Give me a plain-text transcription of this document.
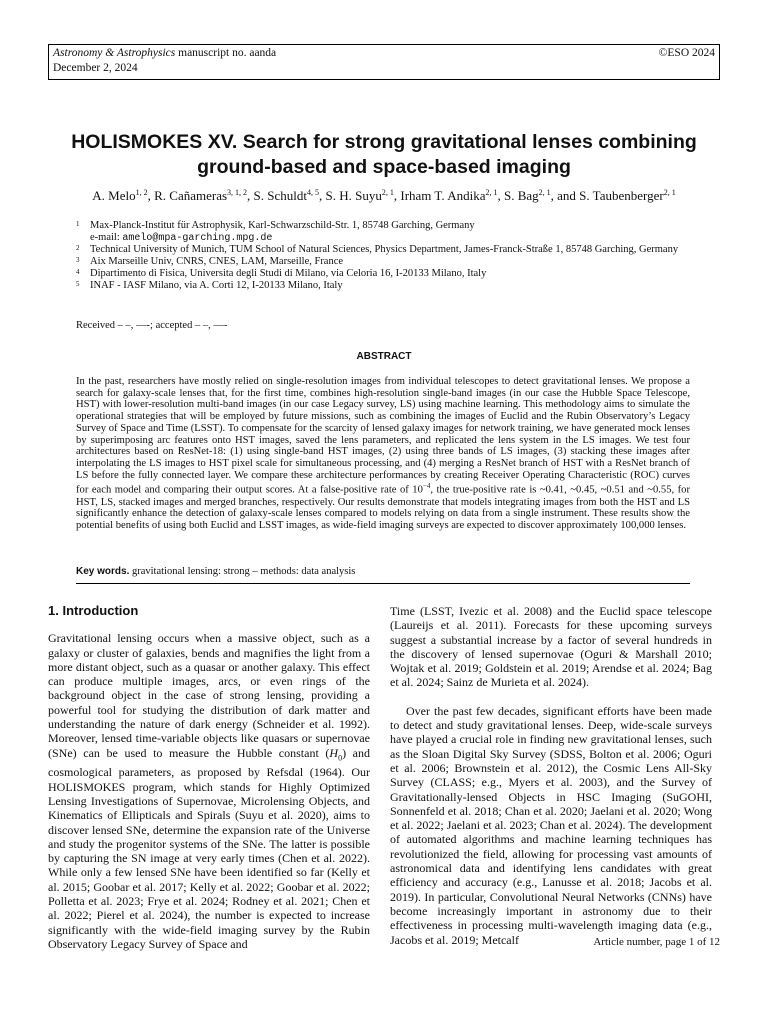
Astronomy & Astrophysics manuscript no. aanda	©ESO 2024
December 2, 2024
HOLISMOKES XV. Search for strong gravitational lenses combining ground-based and space-based imaging
A. Melo$^{1, 2}$, R. Cañameras$^{3, 1, 2}$, S. Schuldt$^{4, 5}$, S. H. Suyu$^{2, 1}$, Irham T. Andika$^{2, 1}$, S. Bag$^{2, 1}$, and S. Taubenberger$^{2, 1}$
1	Max-Planck-Institut für Astrophysik, Karl-Schwarzschild-Str. 1, 85748 Garching, Germany
e-mail: amelo@mpa-garching.mpg.de
2	Technical University of Munich, TUM School of Natural Sciences, Physics Department, James-Franck-Straße 1, 85748 Garching, Germany
3	Aix Marseille Univ, CNRS, CNES, LAM, Marseille, France
4	Dipartimento di Fisica, Universita degli Studi di Milano, via Celoria 16, I-20133 Milano, Italy
5	INAF - IASF Milano, via A. Corti 12, I-20133 Milano, Italy
Received – –, —-; accepted – –, —-
ABSTRACT

In the past, researchers have mostly relied on single-resolution images from individual telescopes to detect gravitational lenses. We propose a search for galaxy-scale lenses that, for the first time, combines high-resolution single-band images (in our case the Hubble Space Telescope, HST) with lower-resolution multi-band images (in our case Legacy survey, LS) using machine learning. This methodology aims to simulate the operational strategies that will be employed by future missions, such as combining the images of Euclid and the Rubin Observatory’s Legacy Survey of Space and Time (LSST). To compensate for the scarcity of lensed galaxy images for network training, we have generated mock lenses by superimposing arc features onto HST images, saved the lens parameters, and replicated the lens system in the LS images. We test four architectures based on ResNet-18: (1) using single-band HST images, (2) using three bands of LS images, (3) stacking these images after interpolating the LS images to HST pixel scale for simultaneous processing, and (4) merging a ResNet branch of HST with a ResNet branch of LS before the fully connected layer. We compare these architecture performances by creating Receiver Operating Characteristic (ROC) curves for each model and comparing their output scores. At a false-positive rate of $10^{-4}$, the true-positive rate is ~0.41, ~0.45, ~0.51 and ~0.55, for HST, LS, stacked images and merged branches, respectively. Our results demonstrate that models integrating images from both the HST and LS significantly enhance the detection of galaxy-scale lenses compared to models relying on data from a single instrument. These results show the potential benefits of using both Euclid and LSST images, as wide-field imaging surveys are expected to discover approximately 100,000 lenses.

Key words. gravitational lensing: strong – methods: data analysis
1. Introduction

Gravitational lensing occurs when a massive object, such as a galaxy or cluster of galaxies, bends and magnifies the light from a more distant object, such as a quasar or another galaxy. This effect can produce multiple images, arcs, or even rings of the background object in the case of strong lensing, providing a powerful tool for studying the distribution of dark matter and understanding the nature of dark energy (Schneider et al. 1992). Moreover, lensed time-variable objects like quasars or supernovae (SNe) can be used to measure the Hubble constant $(H_0)$ and cosmological parameters, as proposed by Refsdal (1964). Our HOLISMOKES program, which stands for Highly Optimized Lensing Investigations of Supernovae, Microlensing Objects, and Kinematics of Ellipticals and Spirals (Suyu et al. 2020), aims to discover lensed SNe, determine the expansion rate of the Universe and study the progenitor systems of the SNe. The latter is possible by capturing the SN image at very early times (Chen et al. 2022). While only a few lensed SNe have been identified so far (Kelly et al. 2015; Goobar et al. 2017; Kelly et al. 2022; Goobar et al. 2022; Polletta et al. 2023; Frye et al. 2024; Rodney et al. 2021; Chen et al. 2022; Pierel et al. 2024), the number is expected to increase significantly with the wide-field imaging survey by the Rubin Observatory Legacy Survey of Space and

Time (LSST, Ivezic et al. 2008) and the Euclid space telescope (Laureijs et al. 2011). Forecasts for these upcoming surveys suggest a substantial increase by a factor of several hundreds in the discovery of lensed supernovae (Oguri & Marshall 2010; Wojtak et al. 2019; Goldstein et al. 2019; Arendse et al. 2024; Bag et al. 2024; Sainz de Murieta et al. 2024).

Over the past few decades, significant efforts have been made to detect and study gravitational lenses. Deep, wide-scale surveys have played a crucial role in finding new gravitational lenses, such as the Sloan Digital Sky Survey (SDSS, Bolton et al. 2006; Oguri et al. 2006; Brownstein et al. 2012), the Cosmic Lens All-Sky Survey (CLASS; e.g., Myers et al. 2003), and the Survey of Gravitationally-lensed Objects in HSC Imaging (SuGOHI, Sonnenfeld et al. 2018; Chan et al. 2020; Jaelani et al. 2020; Wong et al. 2022; Jaelani et al. 2023; Chan et al. 2024). The development of automated algorithms and machine learning techniques has revolutionized the field, allowing for processing vast amounts of astronomical data and identifying lens candidates with great efficiency and accuracy (e.g., Lanusse et al. 2018; Jacobs et al. 2019). In particular, Convolutional Neural Networks (CNNs) have become increasingly important in astronomy due to their effectiveness in processing multi-wavelength imaging data (e.g., Jacobs et al. 2019; Metcalf	Article number, page 1 of 12
